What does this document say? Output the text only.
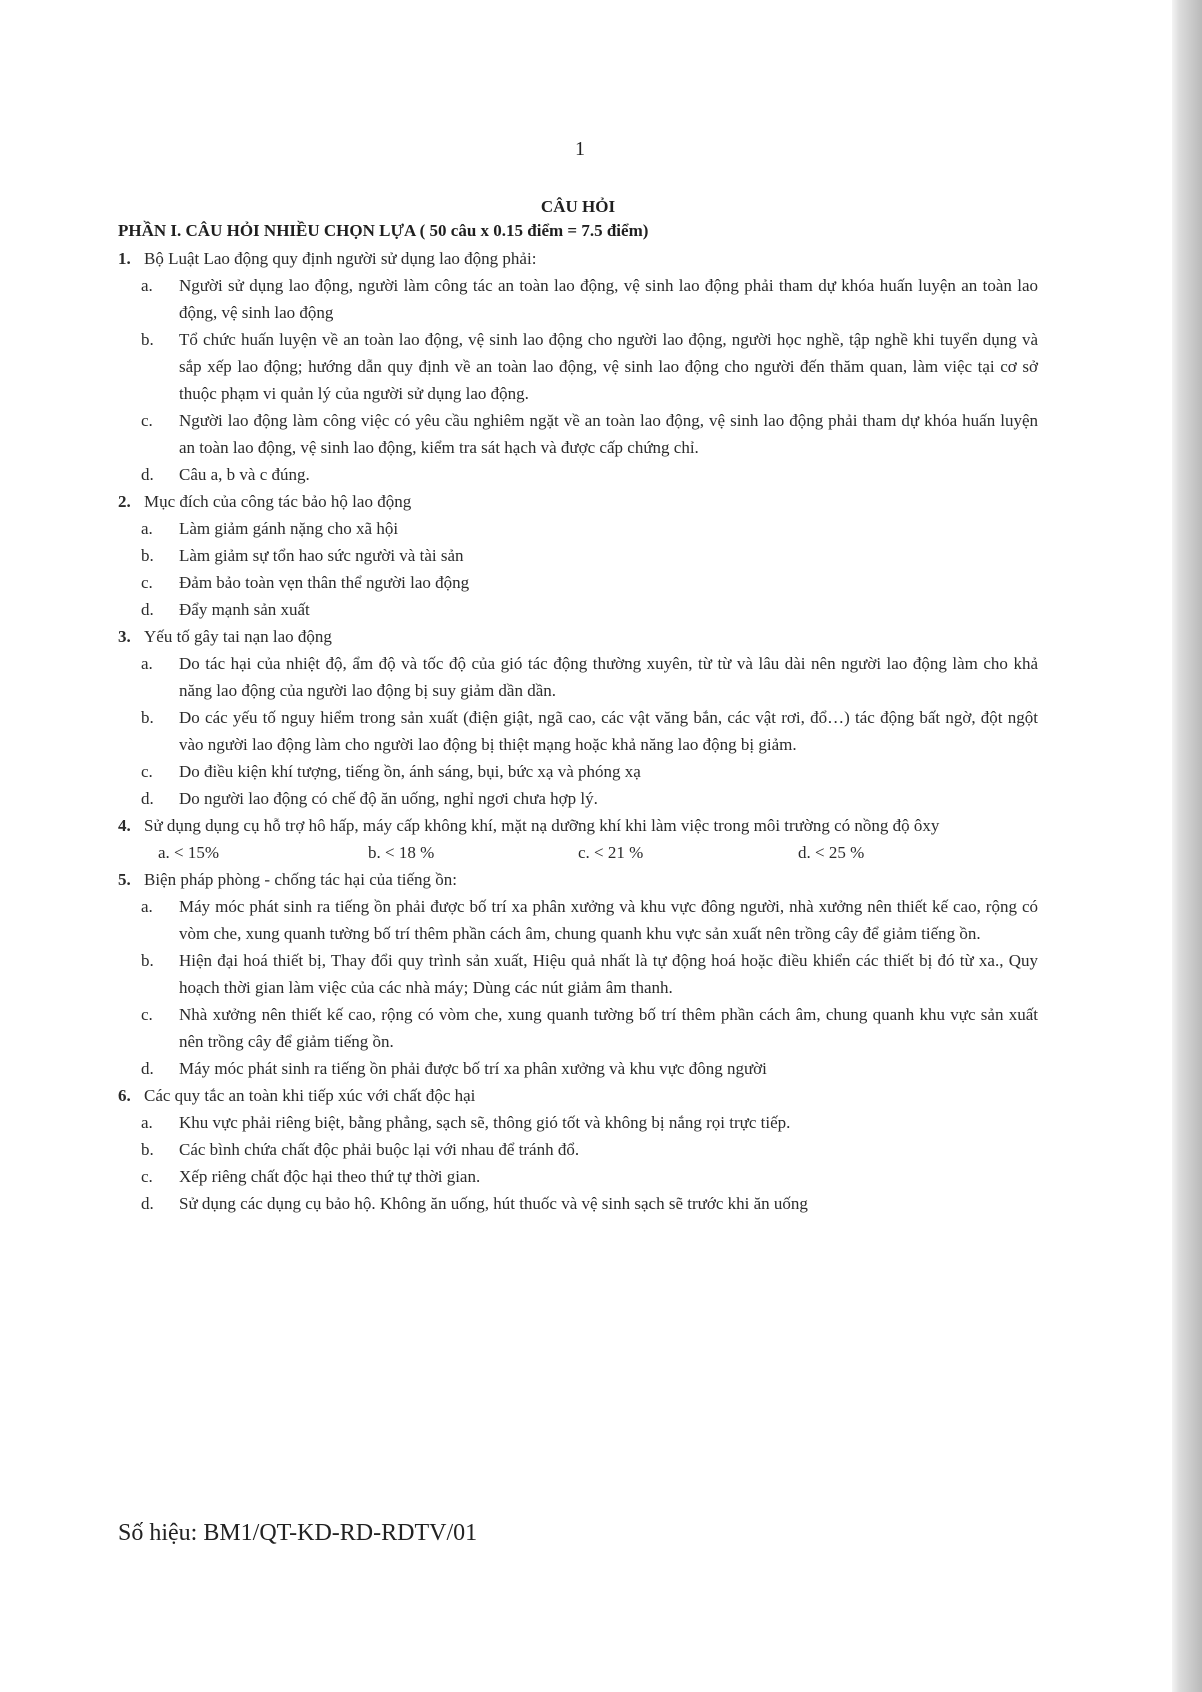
1
CÂU HỎI
PHẦN I. CÂU HỎI NHIỀU CHỌN LỰA ( 50 câu x 0.15 điểm = 7.5 điểm)
1. Bộ Luật Lao động quy định người sử dụng lao động phải:
a.	Người sử dụng lao động, người làm công tác an toàn lao động, vệ sinh lao động phải tham dự khóa huấn luyện an toàn lao động, vệ sinh lao động
b.	Tổ chức huấn luyện về an toàn lao động, vệ sinh lao động cho người lao động, người học nghề, tập nghề khi tuyển dụng và sắp xếp lao động; hướng dẫn quy định về an toàn lao động, vệ sinh lao động cho người đến thăm quan, làm việc tại cơ sở thuộc phạm vi quản lý của người sử dụng lao động.
c.	Người lao động làm công việc có yêu cầu nghiêm ngặt về an toàn lao động, vệ sinh lao động phải tham dự khóa huấn luyện an toàn lao động, vệ sinh lao động, kiểm tra sát hạch và được cấp chứng chỉ.
d.	Câu a, b và c đúng.
2. Mục đích của công tác bảo hộ lao động
a.	Làm giảm gánh nặng cho xã hội
b.	Làm giảm sự tổn hao sức người và tài sản
c.	Đảm bảo toàn vẹn thân thể người lao động
d.	Đẩy mạnh sản xuất
3. Yếu tố gây tai nạn lao động
a.	Do tác hại của nhiệt độ, ẩm độ và tốc độ của gió tác động thường xuyên, từ từ và lâu dài nên người lao động làm cho khả năng lao động của người lao động bị suy giảm dần dần.
b.	Do các yếu tố nguy hiểm trong sản xuất (điện giật, ngã cao, các vật văng bắn, các vật rơi, đổ…) tác động bất ngờ, đột ngột vào người lao động làm cho người lao động bị thiệt mạng hoặc khả năng lao động bị giảm.
c.	Do điều kiện khí tượng, tiếng ồn, ánh sáng, bụi, bức xạ và phóng xạ
d.	Do người lao động có chế độ ăn uống, nghỉ ngơi chưa hợp lý.
4. Sử dụng dụng cụ hỗ trợ hô hấp, máy cấp không khí, mặt nạ dưỡng khí khi làm việc trong môi trường có nồng độ ôxy
a. < 15%	b. < 18 %	c. < 21 %	d. < 25 %
5. Biện pháp phòng - chống tác hại của tiếng ồn:
a.	Máy móc phát sinh ra tiếng ồn phải được bố trí xa phân xưởng và khu vực đông người, nhà xưởng nên thiết kế cao, rộng có vòm che, xung quanh tường bố trí thêm phần cách âm, chung quanh khu vực sản xuất nên trồng cây để giảm tiếng ồn.
b.	Hiện đại hoá thiết bị, Thay đổi quy trình sản xuất, Hiệu quả nhất là tự động hoá hoặc điều khiển các thiết bị đó từ xa., Quy hoạch thời gian làm việc của các nhà máy; Dùng các nút giảm âm thanh.
c.	Nhà xưởng nên thiết kế cao, rộng có vòm che, xung quanh tường bố trí thêm phần cách âm, chung quanh khu vực sản xuất nên trồng cây để giảm tiếng ồn.
d.	Máy móc phát sinh ra tiếng ồn phải được bố trí xa phân xưởng và khu vực đông người
6. Các quy tắc an toàn khi tiếp xúc với chất độc hại
a.	Khu vực phải riêng biệt, bằng phẳng, sạch sẽ, thông gió tốt và không bị nắng rọi trực tiếp.
b.	Các bình chứa chất độc phải buộc lại với nhau để tránh đổ.
c.	Xếp riêng chất độc hại theo thứ tự thời gian.
d.	Sử dụng các dụng cụ bảo hộ. Không ăn uống, hút thuốc và vệ sinh sạch sẽ trước khi ăn uống
Số hiệu: BM1/QT-KD-RD-RDTV/01
